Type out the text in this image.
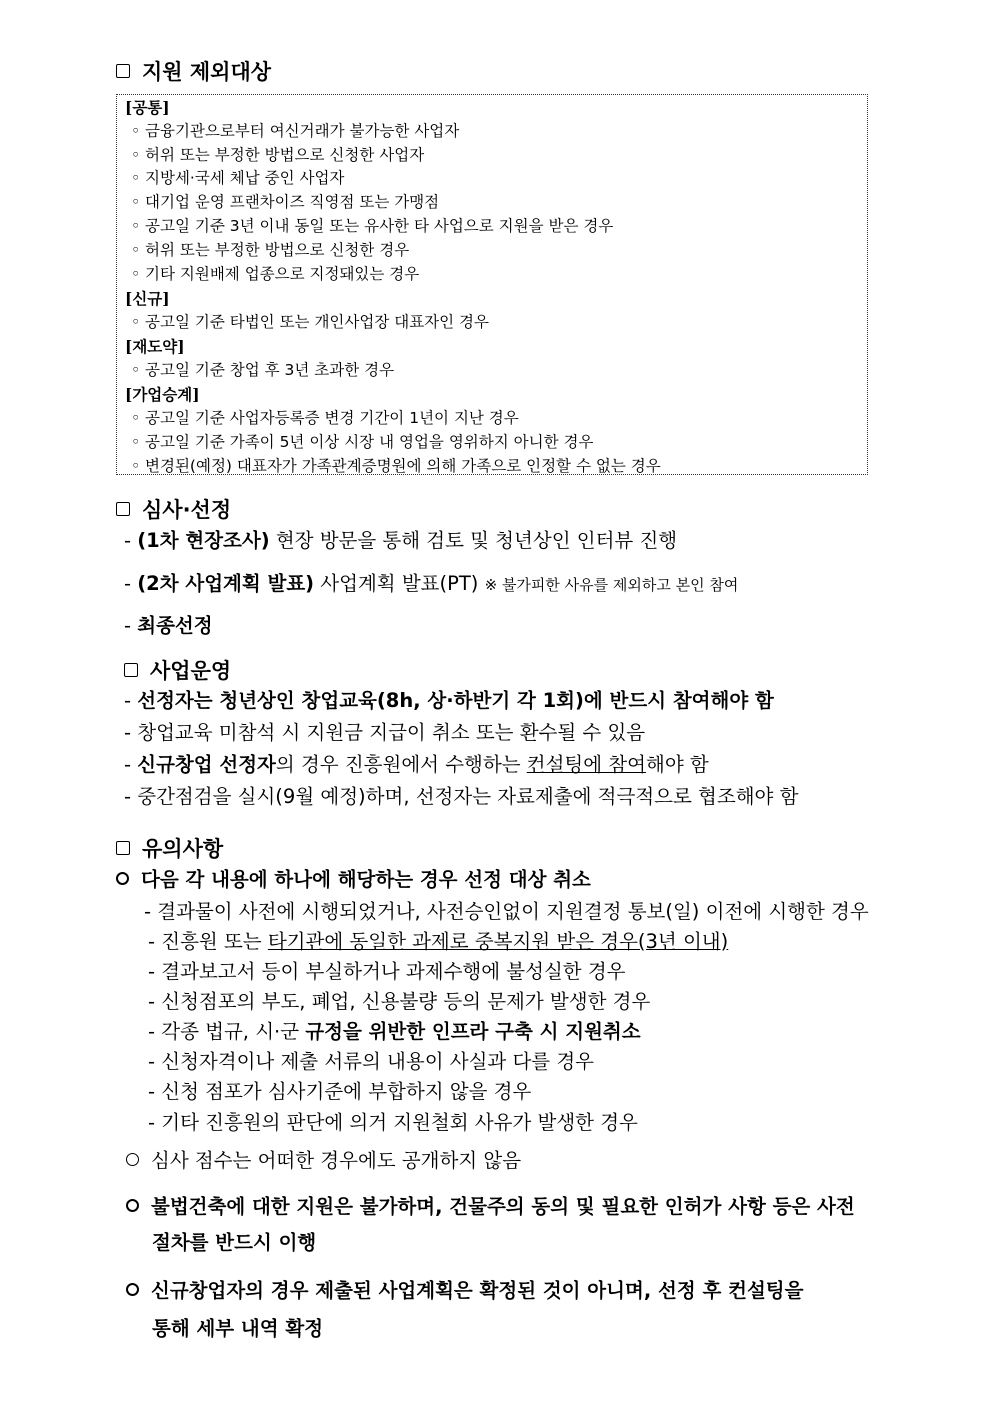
지원 제외대상
[공통]
◦ 금융기관으로부터 여신거래가 불가능한 사업자
◦ 허위 또는 부정한 방법으로 신청한 사업자
◦ 지방세·국세 체납 중인 사업자
◦ 대기업 운영 프랜차이즈 직영점 또는 가맹점
◦ 공고일 기준 3년 이내 동일 또는 유사한 타 사업으로 지원을 받은 경우
◦ 허위 또는 부정한 방법으로 신청한 경우
◦ 기타 지원배제 업종으로 지정돼있는 경우
[신규]
◦ 공고일 기준 타법인 또는 개인사업장 대표자인 경우
[재도약]
◦ 공고일 기준 창업 후 3년 초과한 경우
[가업승계]
◦ 공고일 기준 사업자등록증 변경 기간이 1년이 지난 경우
◦ 공고일 기준 가족이 5년 이상 시장 내 영업을 영위하지 아니한 경우
◦ 변경된(예정) 대표자가 가족관계증명원에 의해 가족으로 인정할 수 없는 경우
심사·선정
- (1차 현장조사) 현장 방문을 통해 검토 및 청년상인 인터뷰 진행
- (2차 사업계획 발표) 사업계획 발표(PT) ※ 불가피한 사유를 제외하고 본인 참여
- 최종선정
사업운영
- 선정자는 청년상인 창업교육(8h, 상·하반기 각 1회)에 반드시 참여해야 함
- 창업교육 미참석 시 지원금 지급이 취소 또는 환수될 수 있음
- 신규창업 선정자의 경우 진흥원에서 수행하는 컨설팅에 참여해야 함
- 중간점검을 실시(9월 예정)하며, 선정자는 자료제출에 적극적으로 협조해야 함
유의사항
다음 각 내용에 하나에 해당하는 경우 선정 대상 취소
- 결과물이 사전에 시행되었거나, 사전승인없이 지원결정 통보(일) 이전에 시행한 경우
- 진흥원 또는 타기관에 동일한 과제로 중복지원 받은 경우(3년 이내)
- 결과보고서 등이 부실하거나 과제수행에 불성실한 경우
- 신청점포의 부도, 폐업, 신용불량 등의 문제가 발생한 경우
- 각종 법규, 시·군 규정을 위반한 인프라 구축 시 지원취소
- 신청자격이나 제출 서류의 내용이 사실과 다를 경우
- 신청 점포가 심사기준에 부합하지 않을 경우
- 기타 진흥원의 판단에 의거 지원철회 사유가 발생한 경우
심사 점수는 어떠한 경우에도 공개하지 않음
불법건축에 대한 지원은 불가하며, 건물주의 동의 및 필요한 인허가 사항 등은 사전
절차를 반드시 이행
신규창업자의 경우 제출된 사업계획은 확정된 것이 아니며, 선정 후 컨설팅을
통해 세부 내역 확정
